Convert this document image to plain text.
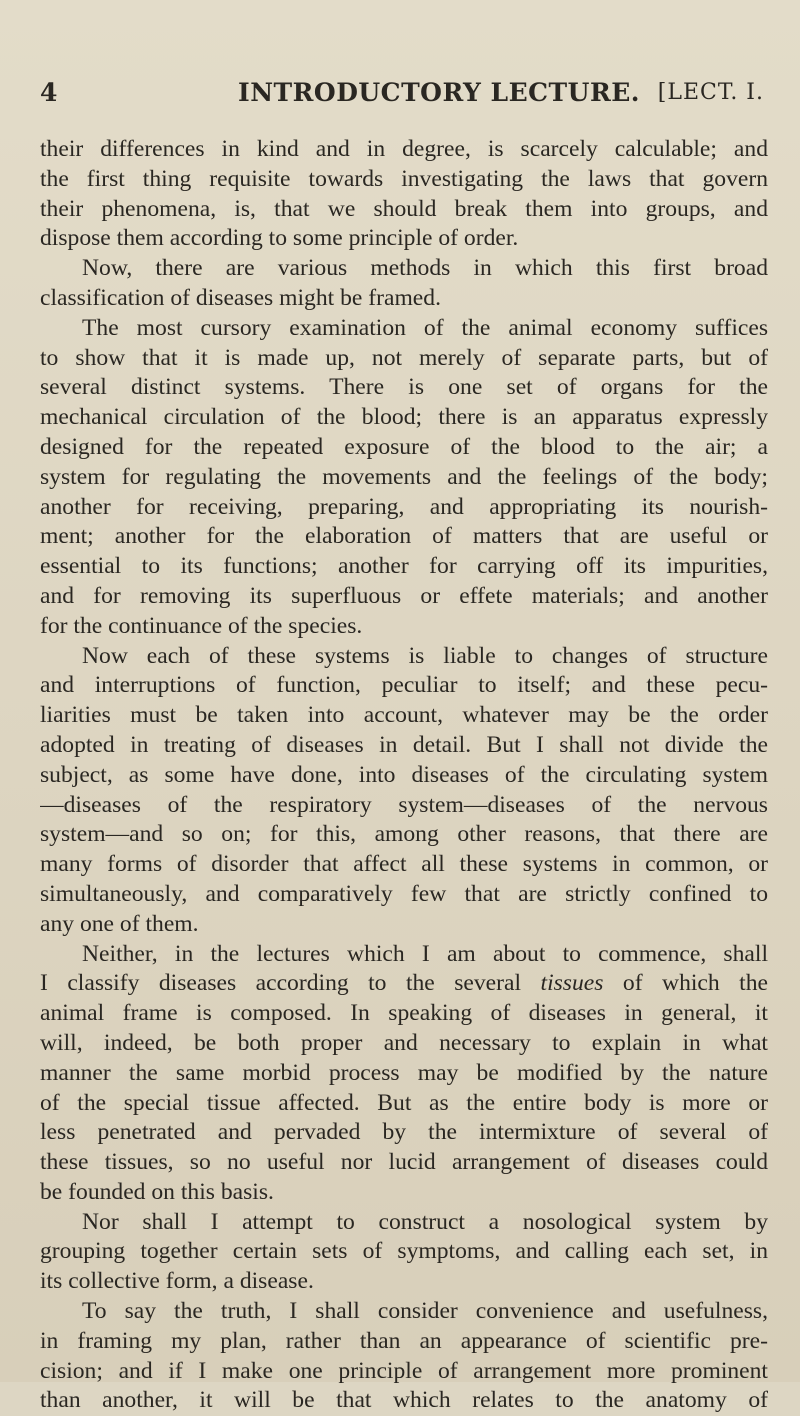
4	INTRODUCTORY LECTURE. [LECT. I.
their differences in kind and in degree, is scarcely calculable; and
the first thing requisite towards investigating the laws that govern
their phenomena, is, that we should break them into groups, and
dispose them according to some principle of order.
Now, there are various methods in which this first broad
classification of diseases might be framed.
The most cursory examination of the animal economy suffices
to show that it is made up, not merely of separate parts, but of
several distinct systems. There is one set of organs for the
mechanical circulation of the blood; there is an apparatus expressly
designed for the repeated exposure of the blood to the air; a
system for regulating the movements and the feelings of the body;
another for receiving, preparing, and appropriating its nourish-
ment; another for the elaboration of matters that are useful or
essential to its functions; another for carrying off its impurities,
and for removing its superfluous or effete materials; and another
for the continuance of the species.
Now each of these systems is liable to changes of structure
and interruptions of function, peculiar to itself; and these pecu-
liarities must be taken into account, whatever may be the order
adopted in treating of diseases in detail. But I shall not divide the
subject, as some have done, into diseases of the circulating system
—diseases of the respiratory system—diseases of the nervous
system—and so on; for this, among other reasons, that there are
many forms of disorder that affect all these systems in common, or
simultaneously, and comparatively few that are strictly confined to
any one of them.
Neither, in the lectures which I am about to commence, shall
I classify diseases according to the several tissues of which the
animal frame is composed. In speaking of diseases in general, it
will, indeed, be both proper and necessary to explain in what
manner the same morbid process may be modified by the nature
of the special tissue affected. But as the entire body is more or
less penetrated and pervaded by the intermixture of several of
these tissues, so no useful nor lucid arrangement of diseases could
be founded on this basis.
Nor shall I attempt to construct a nosological system by
grouping together certain sets of symptoms, and calling each set, in
its collective form, a disease.
To say the truth, I shall consider convenience and usefulness,
in framing my plan, rather than an appearance of scientific pre-
cision; and if I make one principle of arrangement more prominent
than another, it will be that which relates to the anatomy of
